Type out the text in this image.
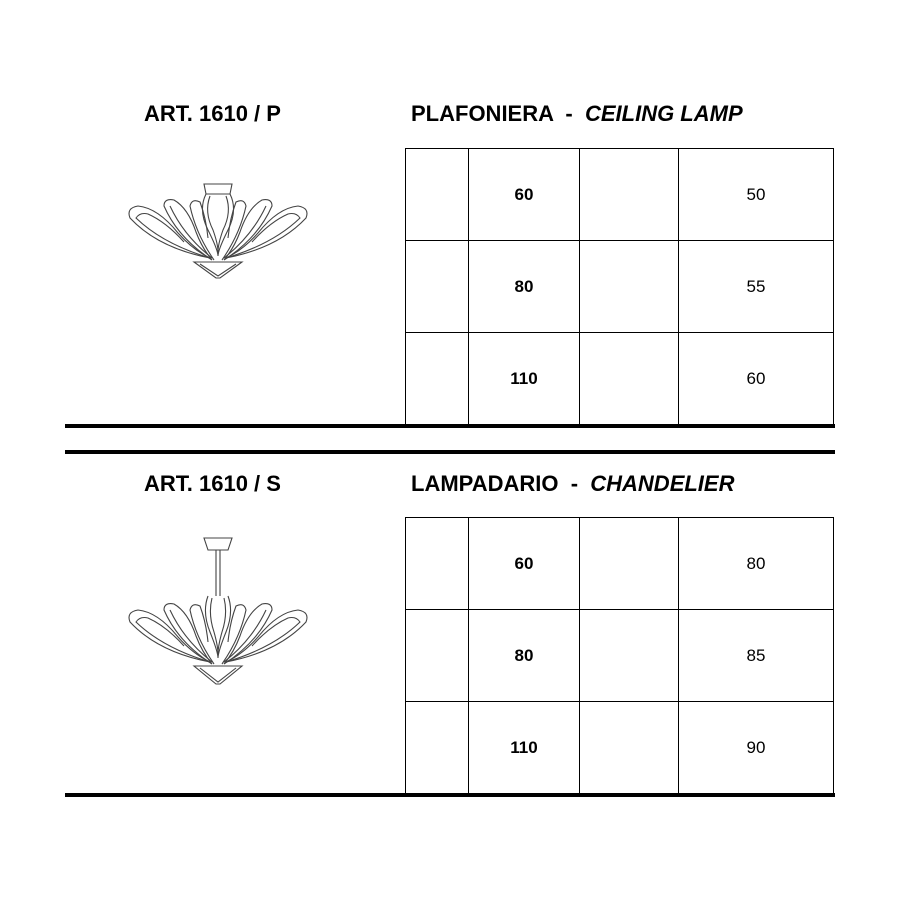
ART. 1610 / P	PLAFONIERA  -  CEILING LAMP
	60		50
	80		55
	110		60
ART. 1610 / S	LAMPADARIO  -  CHANDELIER
	60		80
	80		85
	110		90
